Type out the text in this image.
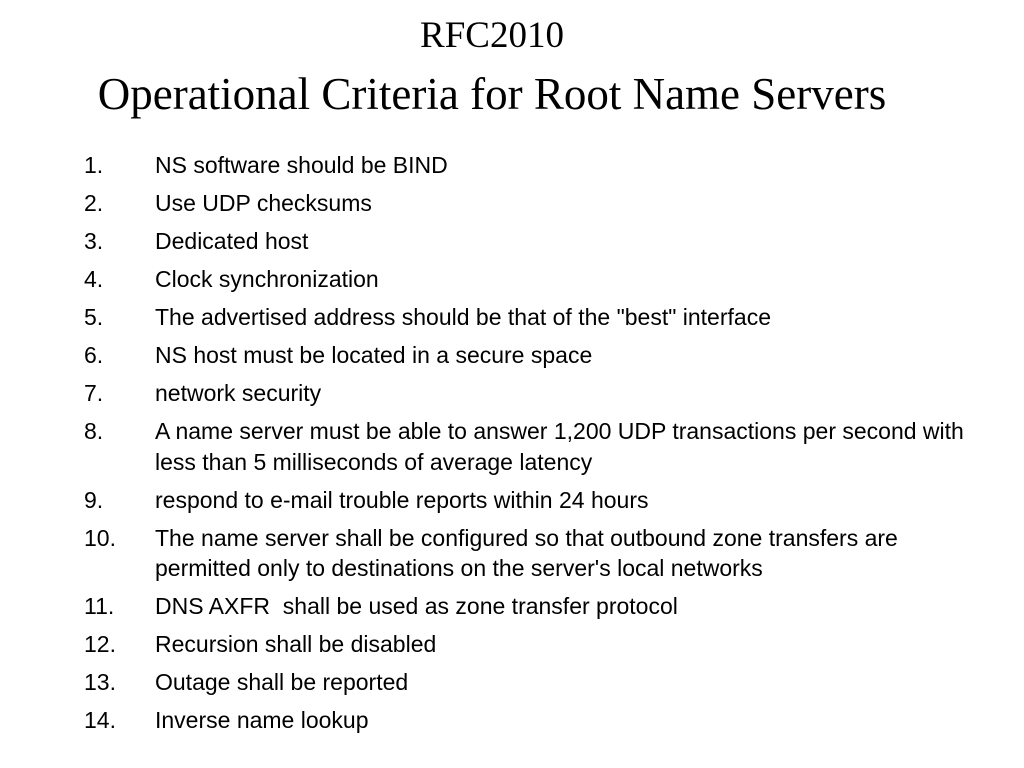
RFC2010
Operational Criteria for Root Name Servers
1.	NS software should be BIND
2.	Use UDP checksums
3.	Dedicated host
4.	Clock synchronization
5.	The advertised address should be that of the "best" interface
6.	NS host must be located in a secure space
7.	network security
8.	A name server must be able to answer 1,200 UDP transactions per second with less than 5 milliseconds of average latency
9.	respond to e-mail trouble reports within 24 hours
10.	The name server shall be configured so that outbound zone transfers are permitted only to destinations on the server's local networks
11.	DNS AXFR  shall be used as zone transfer protocol
12.	Recursion shall be disabled
13.	Outage shall be reported
14.	Inverse name lookup
